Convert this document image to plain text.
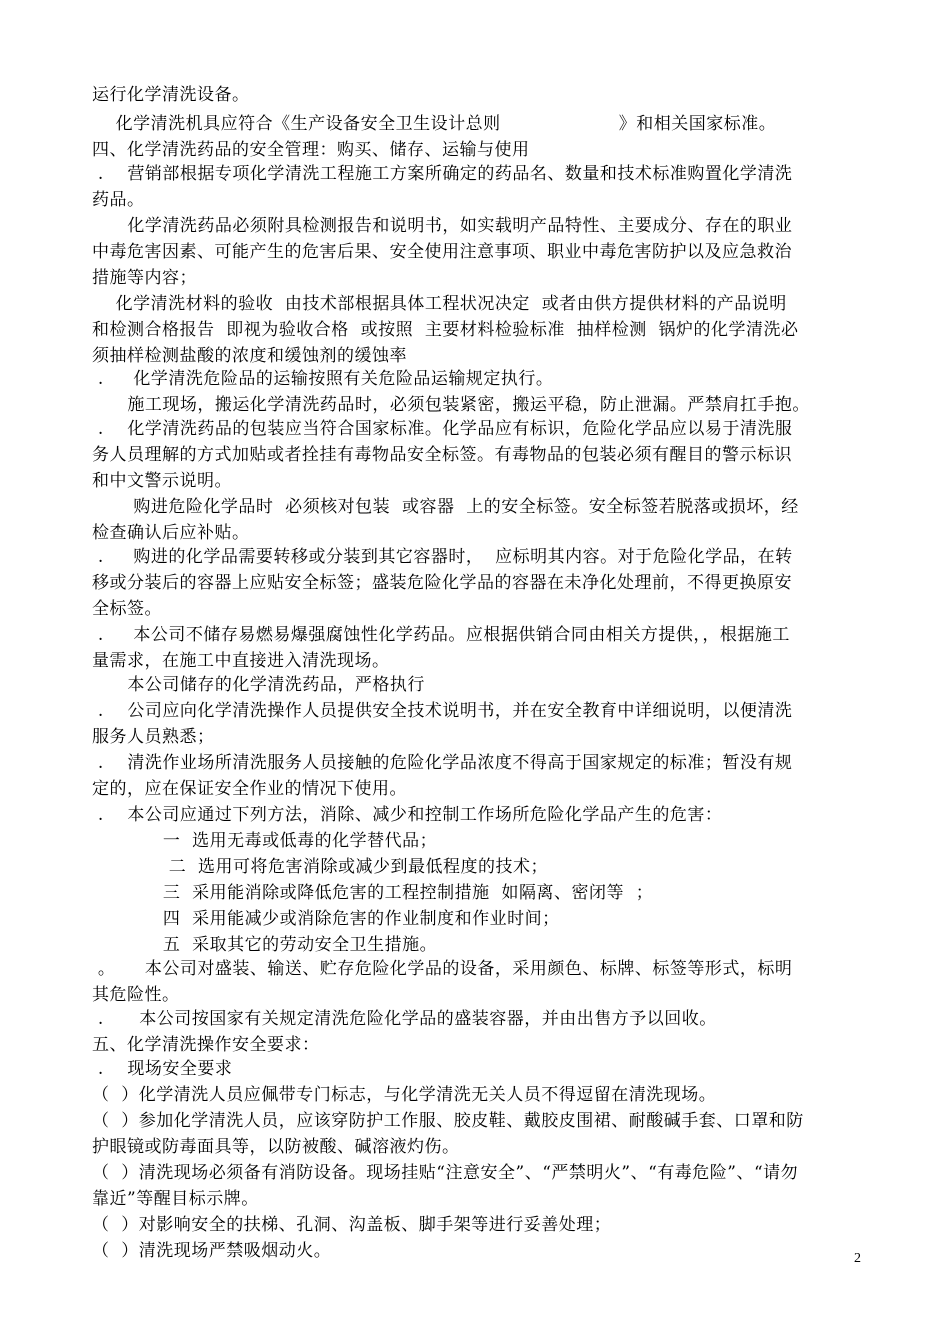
运行化学清洗设备。
化学清洗机具应符合《生产设备安全卫生设计总则                    》和相关国家标准。
四、化学清洗药品的安全管理：购买、储存、运输与使用
.    营销部根据专项化学清洗工程施工方案所确定的药品名、数量和技术标准购置化学清洗
药品。
化学清洗药品必须附具检测报告和说明书，如实载明产品特性、主要成分、存在的职业
中毒危害因素、可能产生的危害后果、安全使用注意事项、职业中毒危害防护以及应急救治
措施等内容；
化学清洗材料的验收  由技术部根据具体工程状况决定  或者由供方提供材料的产品说明
和检测合格报告  即视为验收合格  或按照  主要材料检验标准  抽样检测  锅炉的化学清洗必
须抽样检测盐酸的浓度和缓蚀剂的缓蚀率
.     化学清洗危险品的运输按照有关危险品运输规定执行。
施工现场，搬运化学清洗药品时，必须包装紧密，搬运平稳，防止泄漏。严禁肩扛手抱。
.    化学清洗药品的包装应当符合国家标准。化学品应有标识，危险化学品应以易于清洗服
务人员理解的方式加贴或者拴挂有毒物品安全标签。有毒物品的包装必须有醒目的警示标识
和中文警示说明。
购进危险化学品时  必须核对包装  或容器  上的安全标签。安全标签若脱落或损坏，经
检查确认后应补贴。
.     购进的化学品需要转移或分装到其它容器时，  应标明其内容。对于危险化学品，在转
移或分装后的容器上应贴安全标签；盛装危险化学品的容器在未净化处理前，不得更换原安
全标签。
.     本公司不储存易燃易爆强腐蚀性化学药品。应根据供销合同由相关方提供，，根据施工
量需求，在施工中直接进入清洗现场。
本公司储存的化学清洗药品，严格执行
.    公司应向化学清洗操作人员提供安全技术说明书，并在安全教育中详细说明，以便清洗
服务人员熟悉；
.    清洗作业场所清洗服务人员接触的危险化学品浓度不得高于国家规定的标准；暂没有规
定的，应在保证安全作业的情况下使用。
.    本公司应通过下列方法，消除、减少和控制工作场所危险化学品产生的危害：
一  选用无毒或低毒的化学替代品；
二  选用可将危害消除或减少到最低程度的技术；
三  采用能消除或降低危害的工程控制措施  如隔离、密闭等  ；
四  采用能减少或消除危害的作业制度和作业时间；
五  采取其它的劳动安全卫生措施。
。     本公司对盛装、输送、贮存危险化学品的设备，采用颜色、标牌、标签等形式，标明
其危险性。
.      本公司按国家有关规定清洗危险化学品的盛装容器，并由出售方予以回收。
五、化学清洗操作安全要求：
.    现场安全要求
（  ）化学清洗人员应佩带专门标志，与化学清洗无关人员不得逗留在清洗现场。
（  ）参加化学清洗人员，应该穿防护工作服、胶皮鞋、戴胶皮围裙、耐酸碱手套、口罩和防
护眼镜或防毒面具等，以防被酸、碱溶液灼伤。
（  ）清洗现场必须备有消防设备。现场挂贴“注意安全”、“严禁明火”、“有毒危险”、“请勿
靠近”等醒目标示牌。
（  ）对影响安全的扶梯、孔洞、沟盖板、脚手架等进行妥善处理；
（  ）清洗现场严禁吸烟动火。	2
